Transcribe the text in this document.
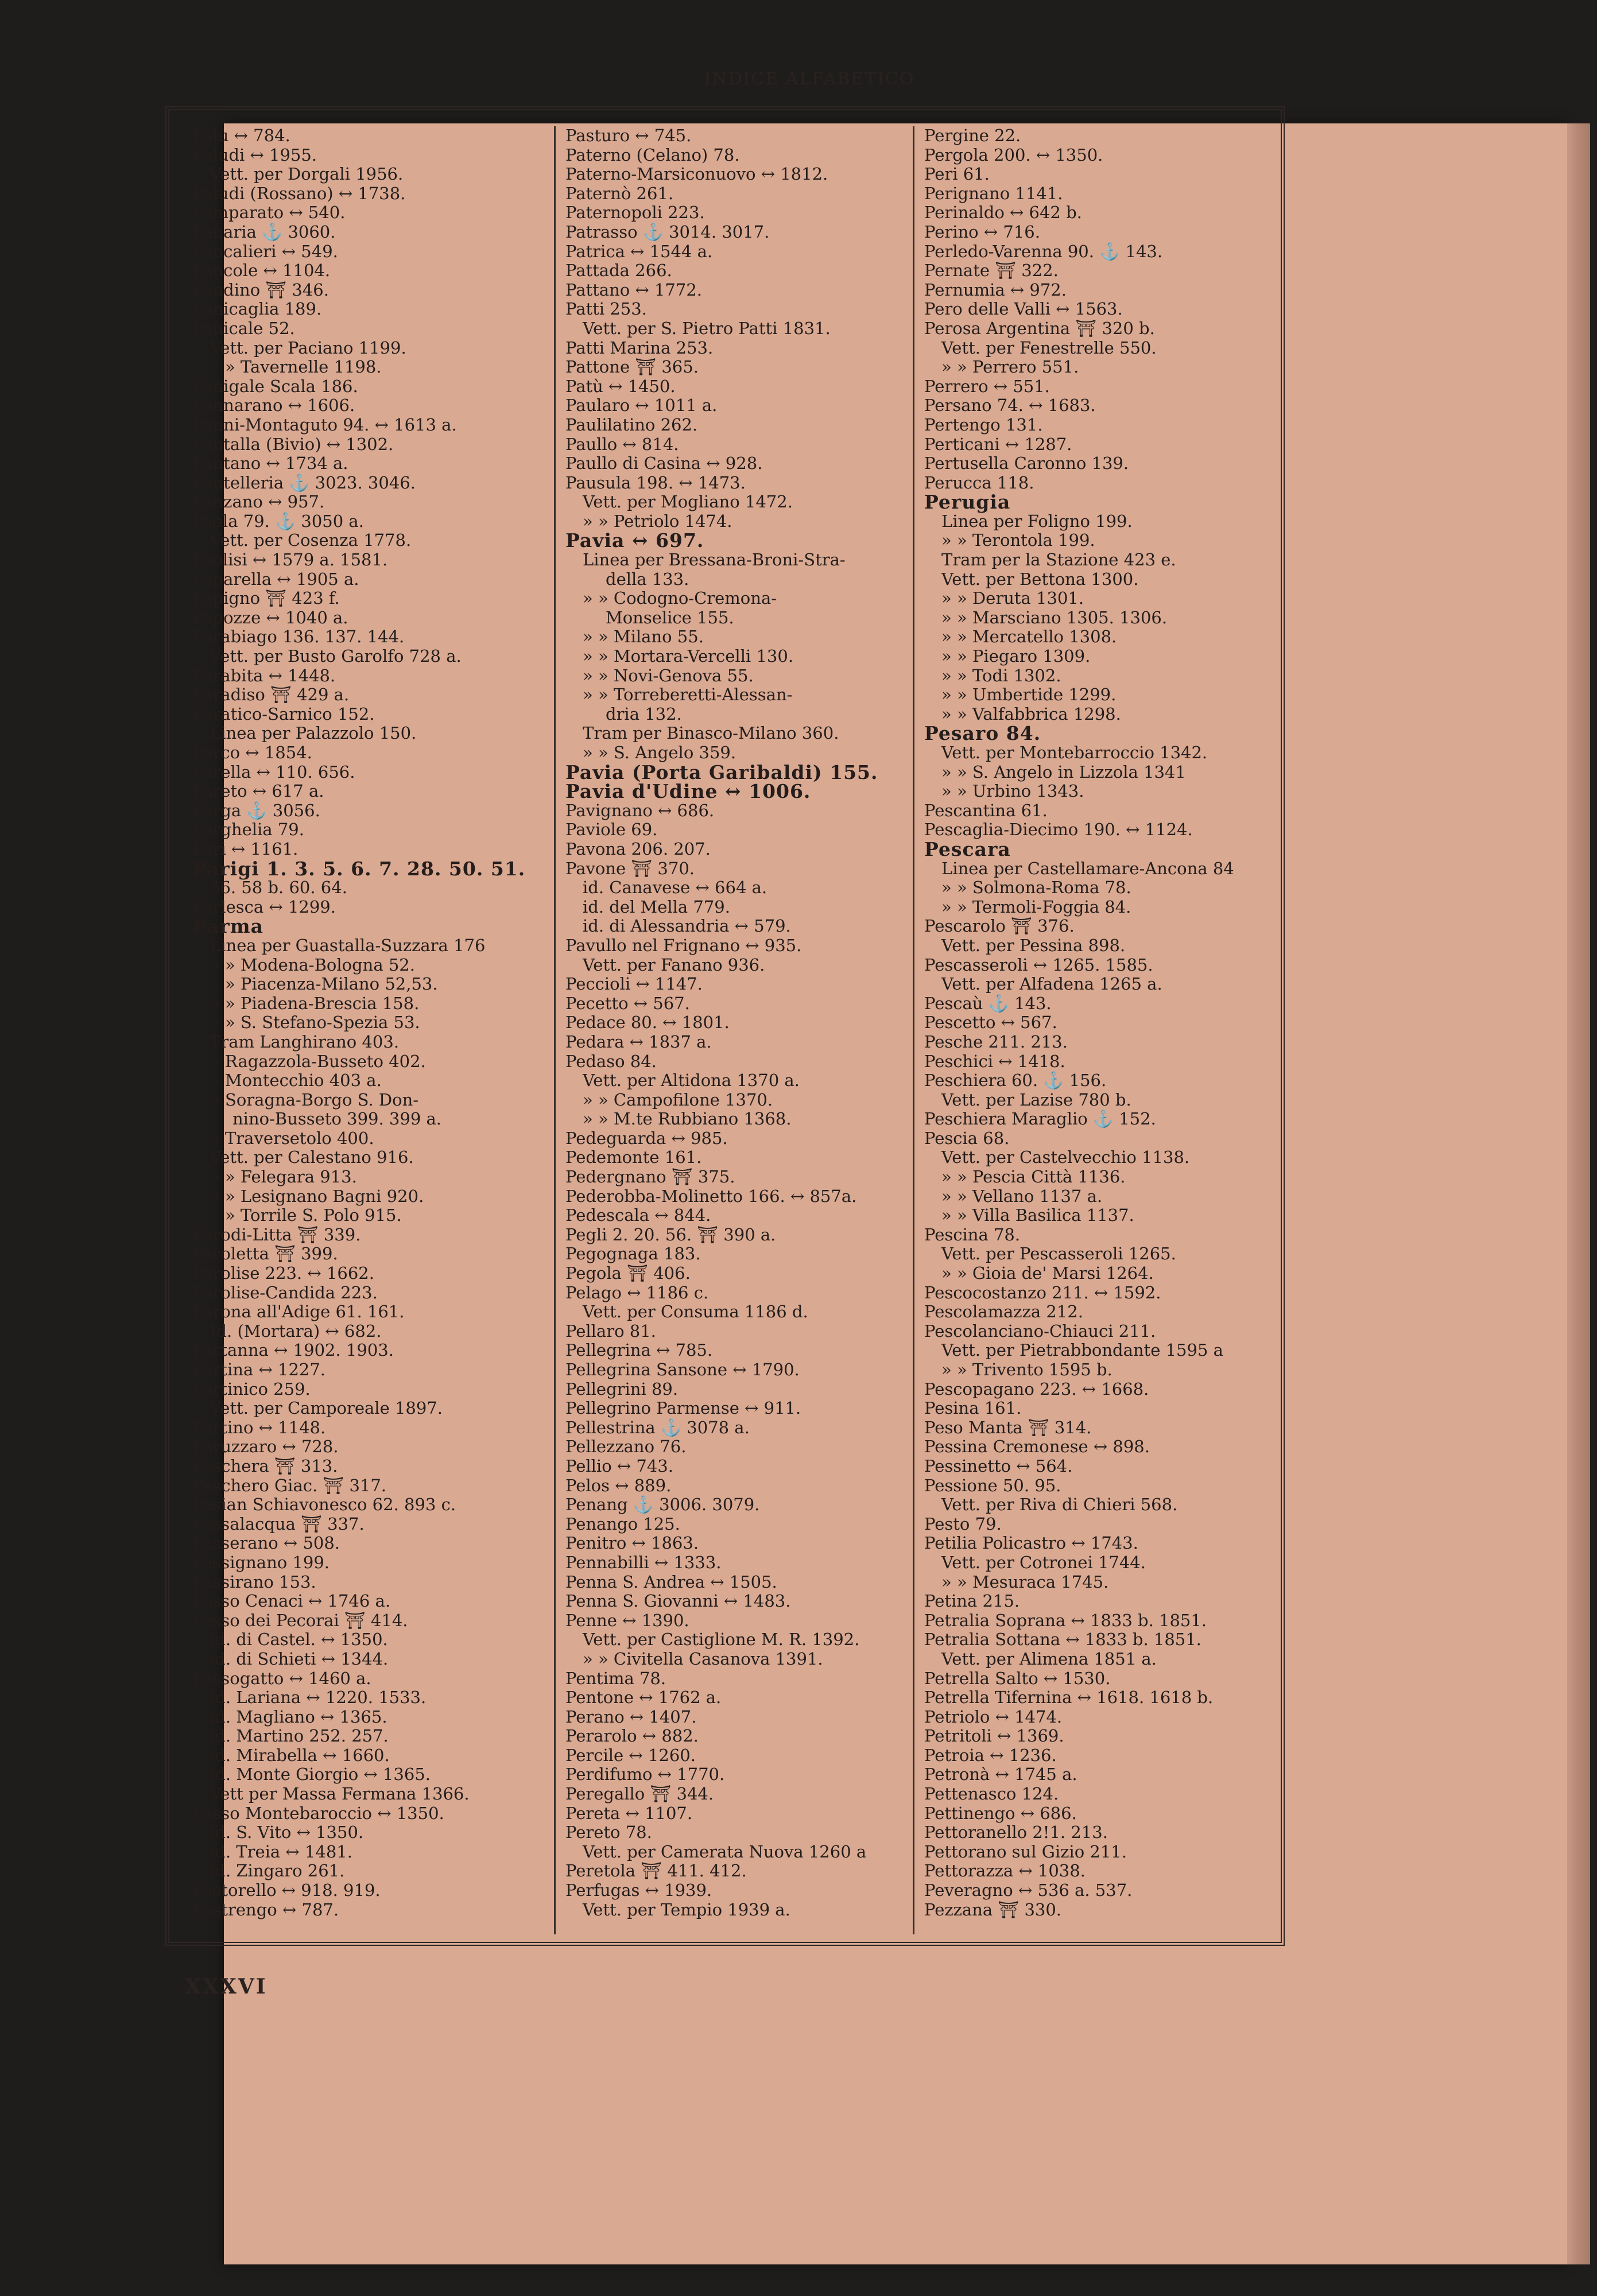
INDICE ALFABETICO
Palù ↔ 784.
Paludi ↔ 1955.
Vett. per Dorgali 1956.
Paludi (Rossano) ↔ 1738.
Pamparato ↔ 540.
Panaria ⚓ 3060.
Pancalieri ↔ 549.
Pancole ↔ 1104.
Pandino ⛩ 346.
Panicaglia 189.
Panicale 52.
Vett. per Paciano 1199.
» » Tavernelle 1198.
Panigale Scala 186.
Pannarano ↔ 1606.
Panni-Montaguto 94. ↔ 1613 a.
Pantalla (Bivio) ↔ 1302.
Pantano ↔ 1734 a.
Pantelleria ⚓ 3023. 3046.
Panzano ↔ 957.
Paola 79. ⚓ 3050 a.
Vett. per Cosenza 1778.
Paolisi ↔ 1579 a. 1581.
Paparella ↔ 1905 a.
Papigno ⛩ 423 f.
Papozze ↔ 1040 a.
Parabiago 136. 137. 144.
Vett. per Busto Garolfo 728 a.
Parabita ↔ 1448.
Paradiso ⛩ 429 a.
Paratico-Sarnico 152.
Linea per Palazzolo 150.
Parco ↔ 1854.
Parella ↔ 110. 656.
Pareto ↔ 617 a.
Parga ⚓ 3056.
Parghelia 79.
Pari ↔ 1161.
Parigi 1. 3. 5. 6. 7. 28. 50. 51.
56. 58 b. 60. 64.
Parlesca ↔ 1299.
Parma
Linea per Guastalla-Suzzara 176
» » Modena-Bologna 52.
» » Piacenza-Milano 52,53.
» » Piadena-Brescia 158.
» » S. Stefano-Spezia 53.
Tram Langhirano 403.
» Ragazzola-Busseto 402.
» Montecchio 403 a.
» Soragna-Borgo S. Don-
nino-Busseto 399. 399 a.
» Traversetolo 400.
Vett. per Calestano 916.
» » Felegara 913.
» » Lesignano Bagni 920.
» » Torrile S. Polo 915.
Parodi-Litta ⛩ 339.
Paroletta ⛩ 399.
Parolise 223. ↔ 1662.
Parolise-Candida 223.
Parona all'Adige 61. 161.
Id. (Mortara) ↔ 682.
Partanna ↔ 1902. 1903.
Partina ↔ 1227.
Partinico 259.
Vett. per Camporeale 1897.
Partino ↔ 1148.
Paruzzaro ↔ 728.
Paschera ⛩ 313.
Paschero Giac. ⛩ 317.
Pasian Schiavonesco 62. 893 c.
Passalacqua ⛩ 337.
Passerano ↔ 508.
Passignano 199.
Passirano 153.
Passo Cenaci ↔ 1746 a.
Passo dei Pecorai ⛩ 414.
id. di Castel. ↔ 1350.
id. di Schieti ↔ 1344.
Passogatto ↔ 1460 a.
id. Lariana ↔ 1220. 1533.
id. Magliano ↔ 1365.
id. Martino 252. 257.
id. Mirabella ↔ 1660.
id. Monte Giorgio ↔ 1365.
Vett per Massa Fermana 1366.
Passo Montebaroccio ↔ 1350.
id. S. Vito ↔ 1350.
id. Treia ↔ 1481.
id. Zingaro 261.
Pastorello ↔ 918. 919.
Pastrengo ↔ 787.
Pasturo ↔ 745.
Paterno (Celano) 78.
Paterno-Marsiconuovo ↔ 1812.
Paternò 261.
Paternopoli 223.
Patrasso ⚓ 3014. 3017.
Patrica ↔ 1544 a.
Pattada 266.
Pattano ↔ 1772.
Patti 253.
Vett. per S. Pietro Patti 1831.
Patti Marina 253.
Pattone ⛩ 365.
Patù ↔ 1450.
Paularo ↔ 1011 a.
Paulilatino 262.
Paullo ↔ 814.
Paullo di Casina ↔ 928.
Pausula 198. ↔ 1473.
Vett. per Mogliano 1472.
» » Petriolo 1474.
Pavia ↔ 697.
Linea per Bressana-Broni-Stra-
della 133.
» » Codogno-Cremona-
Monselice 155.
» » Milano 55.
» » Mortara-Vercelli 130.
» » Novi-Genova 55.
» » Torreberetti-Alessan-
dria 132.
Tram per Binasco-Milano 360.
» » S. Angelo 359.
Pavia (Porta Garibaldi) 155.
Pavia d'Udine ↔ 1006.
Pavignano ↔ 686.
Paviole 69.
Pavona 206. 207.
Pavone ⛩ 370.
id. Canavese ↔ 664 a.
id. del Mella 779.
id. di Alessandria ↔ 579.
Pavullo nel Frignano ↔ 935.
Vett. per Fanano 936.
Peccioli ↔ 1147.
Pecetto ↔ 567.
Pedace 80. ↔ 1801.
Pedara ↔ 1837 a.
Pedaso 84.
Vett. per Altidona 1370 a.
» » Campofilone 1370.
» » M.te Rubbiano 1368.
Pedeguarda ↔ 985.
Pedemonte 161.
Pedergnano ⛩ 375.
Pederobba-Molinetto 166. ↔ 857a.
Pedescala ↔ 844.
Pegli 2. 20. 56. ⛩ 390 a.
Pegognaga 183.
Pegola ⛩ 406.
Pelago ↔ 1186 c.
Vett. per Consuma 1186 d.
Pellaro 81.
Pellegrina ↔ 785.
Pellegrina Sansone ↔ 1790.
Pellegrini 89.
Pellegrino Parmense ↔ 911.
Pellestrina ⚓ 3078 a.
Pellezzano 76.
Pellio ↔ 743.
Pelos ↔ 889.
Penang ⚓ 3006. 3079.
Penango 125.
Penitro ↔ 1863.
Pennabilli ↔ 1333.
Penna S. Andrea ↔ 1505.
Penna S. Giovanni ↔ 1483.
Penne ↔ 1390.
Vett. per Castiglione M. R. 1392.
» » Civitella Casanova 1391.
Pentima 78.
Pentone ↔ 1762 a.
Perano ↔ 1407.
Perarolo ↔ 882.
Percile ↔ 1260.
Perdifumo ↔ 1770.
Peregallo ⛩ 344.
Pereta ↔ 1107.
Pereto 78.
Vett. per Camerata Nuova 1260 a
Peretola ⛩ 411. 412.
Perfugas ↔ 1939.
Vett. per Tempio 1939 a.
Pergine 22.
Pergola 200. ↔ 1350.
Peri 61.
Perignano 1141.
Perinaldo ↔ 642 b.
Perino ↔ 716.
Perledo-Varenna 90. ⚓ 143.
Pernate ⛩ 322.
Pernumia ↔ 972.
Pero delle Valli ↔ 1563.
Perosa Argentina ⛩ 320 b.
Vett. per Fenestrelle 550.
» » Perrero 551.
Perrero ↔ 551.
Persano 74. ↔ 1683.
Pertengo 131.
Perticani ↔ 1287.
Pertusella Caronno 139.
Perucca 118.
Perugia
Linea per Foligno 199.
» » Terontola 199.
Tram per la Stazione 423 e.
Vett. per Bettona 1300.
» » Deruta 1301.
» » Marsciano 1305. 1306.
» » Mercatello 1308.
» » Piegaro 1309.
» » Todi 1302.
» » Umbertide 1299.
» » Valfabbrica 1298.
Pesaro 84.
Vett. per Montebarroccio 1342.
» » S. Angelo in Lizzola 1341
» » Urbino 1343.
Pescantina 61.
Pescaglia-Diecimo 190. ↔ 1124.
Pescara
Linea per Castellamare-Ancona 84
» » Solmona-Roma 78.
» » Termoli-Foggia 84.
Pescarolo ⛩ 376.
Vett. per Pessina 898.
Pescasseroli ↔ 1265. 1585.
Vett. per Alfadena 1265 a.
Pescaù ⚓ 143.
Pescetto ↔ 567.
Pesche 211. 213.
Peschici ↔ 1418.
Peschiera 60. ⚓ 156.
Vett. per Lazise 780 b.
Peschiera Maraglio ⚓ 152.
Pescia 68.
Vett. per Castelvecchio 1138.
» » Pescia Città 1136.
» » Vellano 1137 a.
» » Villa Basilica 1137.
Pescina 78.
Vett. per Pescasseroli 1265.
» » Gioia de' Marsi 1264.
Pescocostanzo 211. ↔ 1592.
Pescolamazza 212.
Pescolanciano-Chiauci 211.
Vett. per Pietrabbondante 1595 a
» » Trivento 1595 b.
Pescopagano 223. ↔ 1668.
Pesina 161.
Peso Manta ⛩ 314.
Pessina Cremonese ↔ 898.
Pessinetto ↔ 564.
Pessione 50. 95.
Vett. per Riva di Chieri 568.
Pesto 79.
Petilia Policastro ↔ 1743.
Vett. per Cotronei 1744.
» » Mesuraca 1745.
Petina 215.
Petralia Soprana ↔ 1833 b. 1851.
Petralia Sottana ↔ 1833 b. 1851.
Vett. per Alimena 1851 a.
Petrella Salto ↔ 1530.
Petrella Tifernina ↔ 1618. 1618 b.
Petriolo ↔ 1474.
Petritoli ↔ 1369.
Petroia ↔ 1236.
Petronà ↔ 1745 a.
Pettenasco 124.
Pettinengo ↔ 686.
Pettoranello 2!1. 213.
Pettorano sul Gizio 211.
Pettorazza ↔ 1038.
Peveragno ↔ 536 a. 537.
Pezzana ⛩ 330.
XXXVI
